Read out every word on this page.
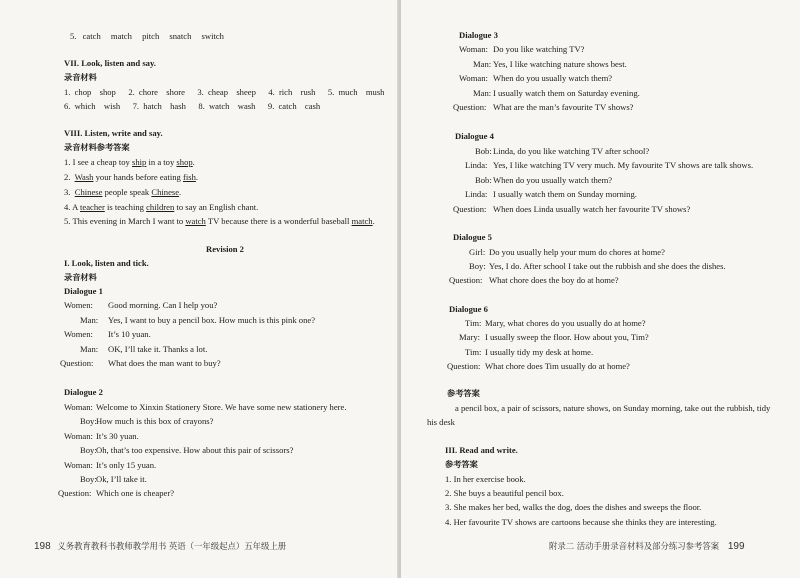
5. catch match pitch snatch switch
VII. Look, listen and say.
录音材料
1. chop shop 2. chore shore 3. cheap sheep 4. rich rush 5. much mush
6. which wish 7. hatch hash 8. watch wash 9. catch cash
VIII. Listen, write and say.
录音材料参考答案
1. I see a cheap toy ship in a toy shop.
2.  Wash your hands before eating fish.
3.  Chinese people speak Chinese.
4. A teacher is teaching children to say an English chant.
5. This evening in March I want to watch TV because there is a wonderful baseball match.
Revision 2
I. Look, listen and tick.
录音材料
Dialogue 1
Women:	Good morning. Can I help you?
Man: Yes, I want to buy a pencil box. How much is this pink one?
Women: It’s 10 yuan.
Man: OK, I’ll take it. Thanks a lot.
Question: What does the man want to buy?
Dialogue 2
Woman: Welcome to Xinxin Stationery Store. We have some new stationery here.
Boy: How much is this box of crayons?
Woman: It’s 30 yuan.
Boy: Oh, that’s too expensive. How about this pair of scissors?
Woman: It’s only 15 yuan.
Boy: Ok, I’ll take it.
Question: Which one is cheaper?
198 义务教育教科书教师教学用书 英语（一年级起点）五年级上册
Dialogue 3
Woman: Do you like watching TV?
Man: Yes, I like watching nature shows best.
Woman: When do you usually watch them?
Man: I usually watch them on Saturday evening.
Question: What are the man’s favourite TV shows?
Dialogue 4
Bob: Linda, do you like watching TV after school?
Linda: Yes, I like watching TV very much. My favourite TV shows are talk shows.
Bob: When do you usually watch them?
Linda: I usually watch them on Sunday morning.
Question: When does Linda usually watch her favourite TV shows?
Dialogue 5
Girl: Do you usually help your mum do chores at home?
Boy: Yes, I do. After school I take out the rubbish and she does the dishes.
Question: What chore does the boy do at home?
Dialogue 6
Tim: Mary, what chores do you usually do at home?
Mary: I usually sweep the floor. How about you, Tim?
Tim: I usually tidy my desk at home.
Question: What chore does Tim usually do at home?
参考答案
a pencil box, a pair of scissors, nature shows, on Sunday morning, take out the rubbish, tidy
his desk
III. Read and write.
参考答案
1. In her exercise book.
2. She buys a beautiful pencil box.
3. She makes her bed, walks the dog, does the dishes and sweeps the floor.
4. Her favourite TV shows are cartoons because she thinks they are interesting.
附录二 活动手册录音材料及部分练习参考答案 199
